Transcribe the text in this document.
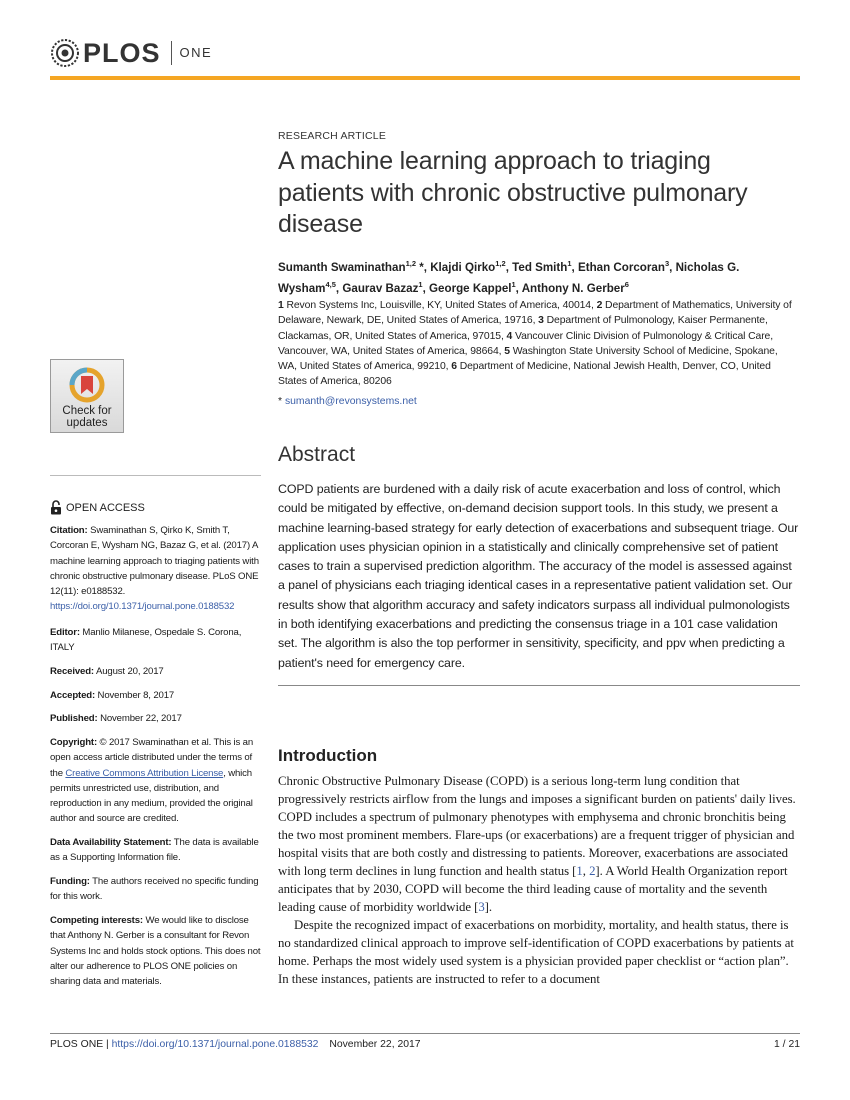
PLOS ONE
Check for
updates
OPEN ACCESS
Citation: Swaminathan S, Qirko K, Smith T, Corcoran E, Wysham NG, Bazaz G, et al. (2017) A machine learning approach to triaging patients with chronic obstructive pulmonary disease. PLoS ONE 12(11): e0188532. https://doi.org/10.1371/journal.pone.0188532
Editor: Manlio Milanese, Ospedale S. Corona, ITALY
Received: August 20, 2017
Accepted: November 8, 2017
Published: November 22, 2017
Copyright: © 2017 Swaminathan et al. This is an open access article distributed under the terms of the Creative Commons Attribution License, which permits unrestricted use, distribution, and reproduction in any medium, provided the original author and source are credited.
Data Availability Statement: The data is available as a Supporting Information file.
Funding: The authors received no specific funding for this work.
Competing interests: We would like to disclose that Anthony N. Gerber is a consultant for Revon Systems Inc and holds stock options. This does not alter our adherence to PLOS ONE policies on sharing data and materials.
RESEARCH ARTICLE
A machine learning approach to triaging patients with chronic obstructive pulmonary disease
Sumanth Swaminathan$^{1,2}$ *, Klajdi Qirko$^{1,2}$, Ted Smith$^1$, Ethan Corcoran$^3$, Nicholas G. Wysham$^{4,5}$, Gaurav Bazaz$^1$, George Kappel$^1$, Anthony N. Gerber$^6$
1 Revon Systems Inc, Louisville, KY, United States of America, 40014, 2 Department of Mathematics, University of Delaware, Newark, DE, United States of America, 19716, 3 Department of Pulmonology, Kaiser Permanente, Clackamas, OR, United States of America, 97015, 4 Vancouver Clinic Division of Pulmonology & Critical Care, Vancouver, WA, United States of America, 98664, 5 Washington State University School of Medicine, Spokane, WA, United States of America, 99210, 6 Department of Medicine, National Jewish Health, Denver, CO, United States of America, 80206
* sumanth@revonsystems.net
Abstract
COPD patients are burdened with a daily risk of acute exacerbation and loss of control, which could be mitigated by effective, on-demand decision support tools. In this study, we present a machine learning-based strategy for early detection of exacerbations and subsequent triage. Our application uses physician opinion in a statistically and clinically comprehensive set of patient cases to train a supervised prediction algorithm. The accuracy of the model is assessed against a panel of physicians each triaging identical cases in a representative patient validation set. Our results show that algorithm accuracy and safety indicators surpass all individual pulmonologists in both identifying exacerbations and predicting the consensus triage in a 101 case validation set. The algorithm is also the top performer in sensitivity, specificity, and ppv when predicting a patient's need for emergency care.
Introduction
Chronic Obstructive Pulmonary Disease (COPD) is a serious long-term lung condition that progressively restricts airflow from the lungs and imposes a significant burden on patients' daily lives. COPD includes a spectrum of pulmonary phenotypes with emphysema and chronic bronchitis being the two most prominent members. Flare-ups (or exacerbations) are a frequent trigger of physician and hospital visits that are both costly and distressing to patients. Moreover, exacerbations are associated with long term declines in lung function and health status [1, 2]. A World Health Organization report anticipates that by 2030, COPD will become the third leading cause of mortality and the seventh leading cause of morbidity worldwide [3].
Despite the recognized impact of exacerbations on morbidity, mortality, and health status, there is no standardized clinical approach to improve self-identification of COPD exacerbations by patients at home. Perhaps the most widely used system is a physician provided paper checklist or “action plan”. In these instances, patients are instructed to refer to a document
PLOS ONE | https://doi.org/10.1371/journal.pone.0188532 November 22, 2017	1 / 21
